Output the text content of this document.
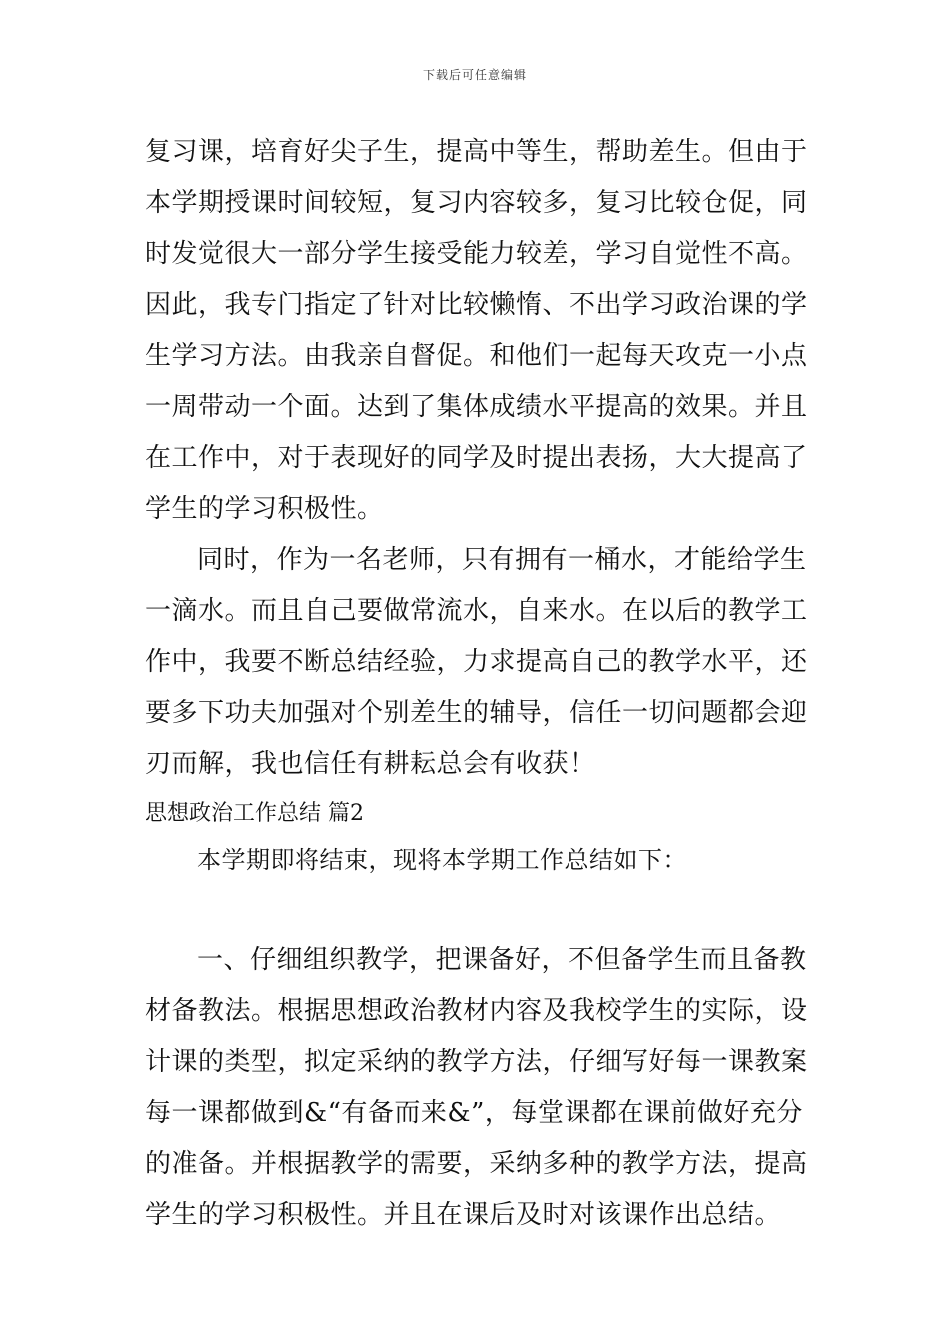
下载后可任意编辑
复习课，培育好尖子生，提高中等生，帮助差生。但由于
本学期授课时间较短，复习内容较多，复习比较仓促，同
时发觉很大一部分学生接受能力较差，学习自觉性不高。
因此，我专门指定了针对比较懒惰、不出学习政治课的学
生学习方法。由我亲自督促。和他们一起每天攻克一小点
一周带动一个面。达到了集体成绩水平提高的效果。并且
在工作中，对于表现好的同学及时提出表扬，大大提高了
学生的学习积极性。
同时，作为一名老师，只有拥有一桶水，才能给学生
一滴水。而且自己要做常流水，自来水。在以后的教学工
作中，我要不断总结经验，力求提高自己的教学水平，还
要多下功夫加强对个别差生的辅导，信任一切问题都会迎
刃而解，我也信任有耕耘总会有收获！
思想政治工作总结 篇2
本学期即将结束，现将本学期工作总结如下：
一、仔细组织教学，把课备好，不但备学生而且备教
材备教法。根据思想政治教材内容及我校学生的实际，设
计课的类型，拟定采纳的教学方法，仔细写好每一课教案
每一课都做到&“有备而来&”，每堂课都在课前做好充分
的准备。并根据教学的需要，采纳多种的教学方法，提高
学生的学习积极性。并且在课后及时对该课作出总结。
